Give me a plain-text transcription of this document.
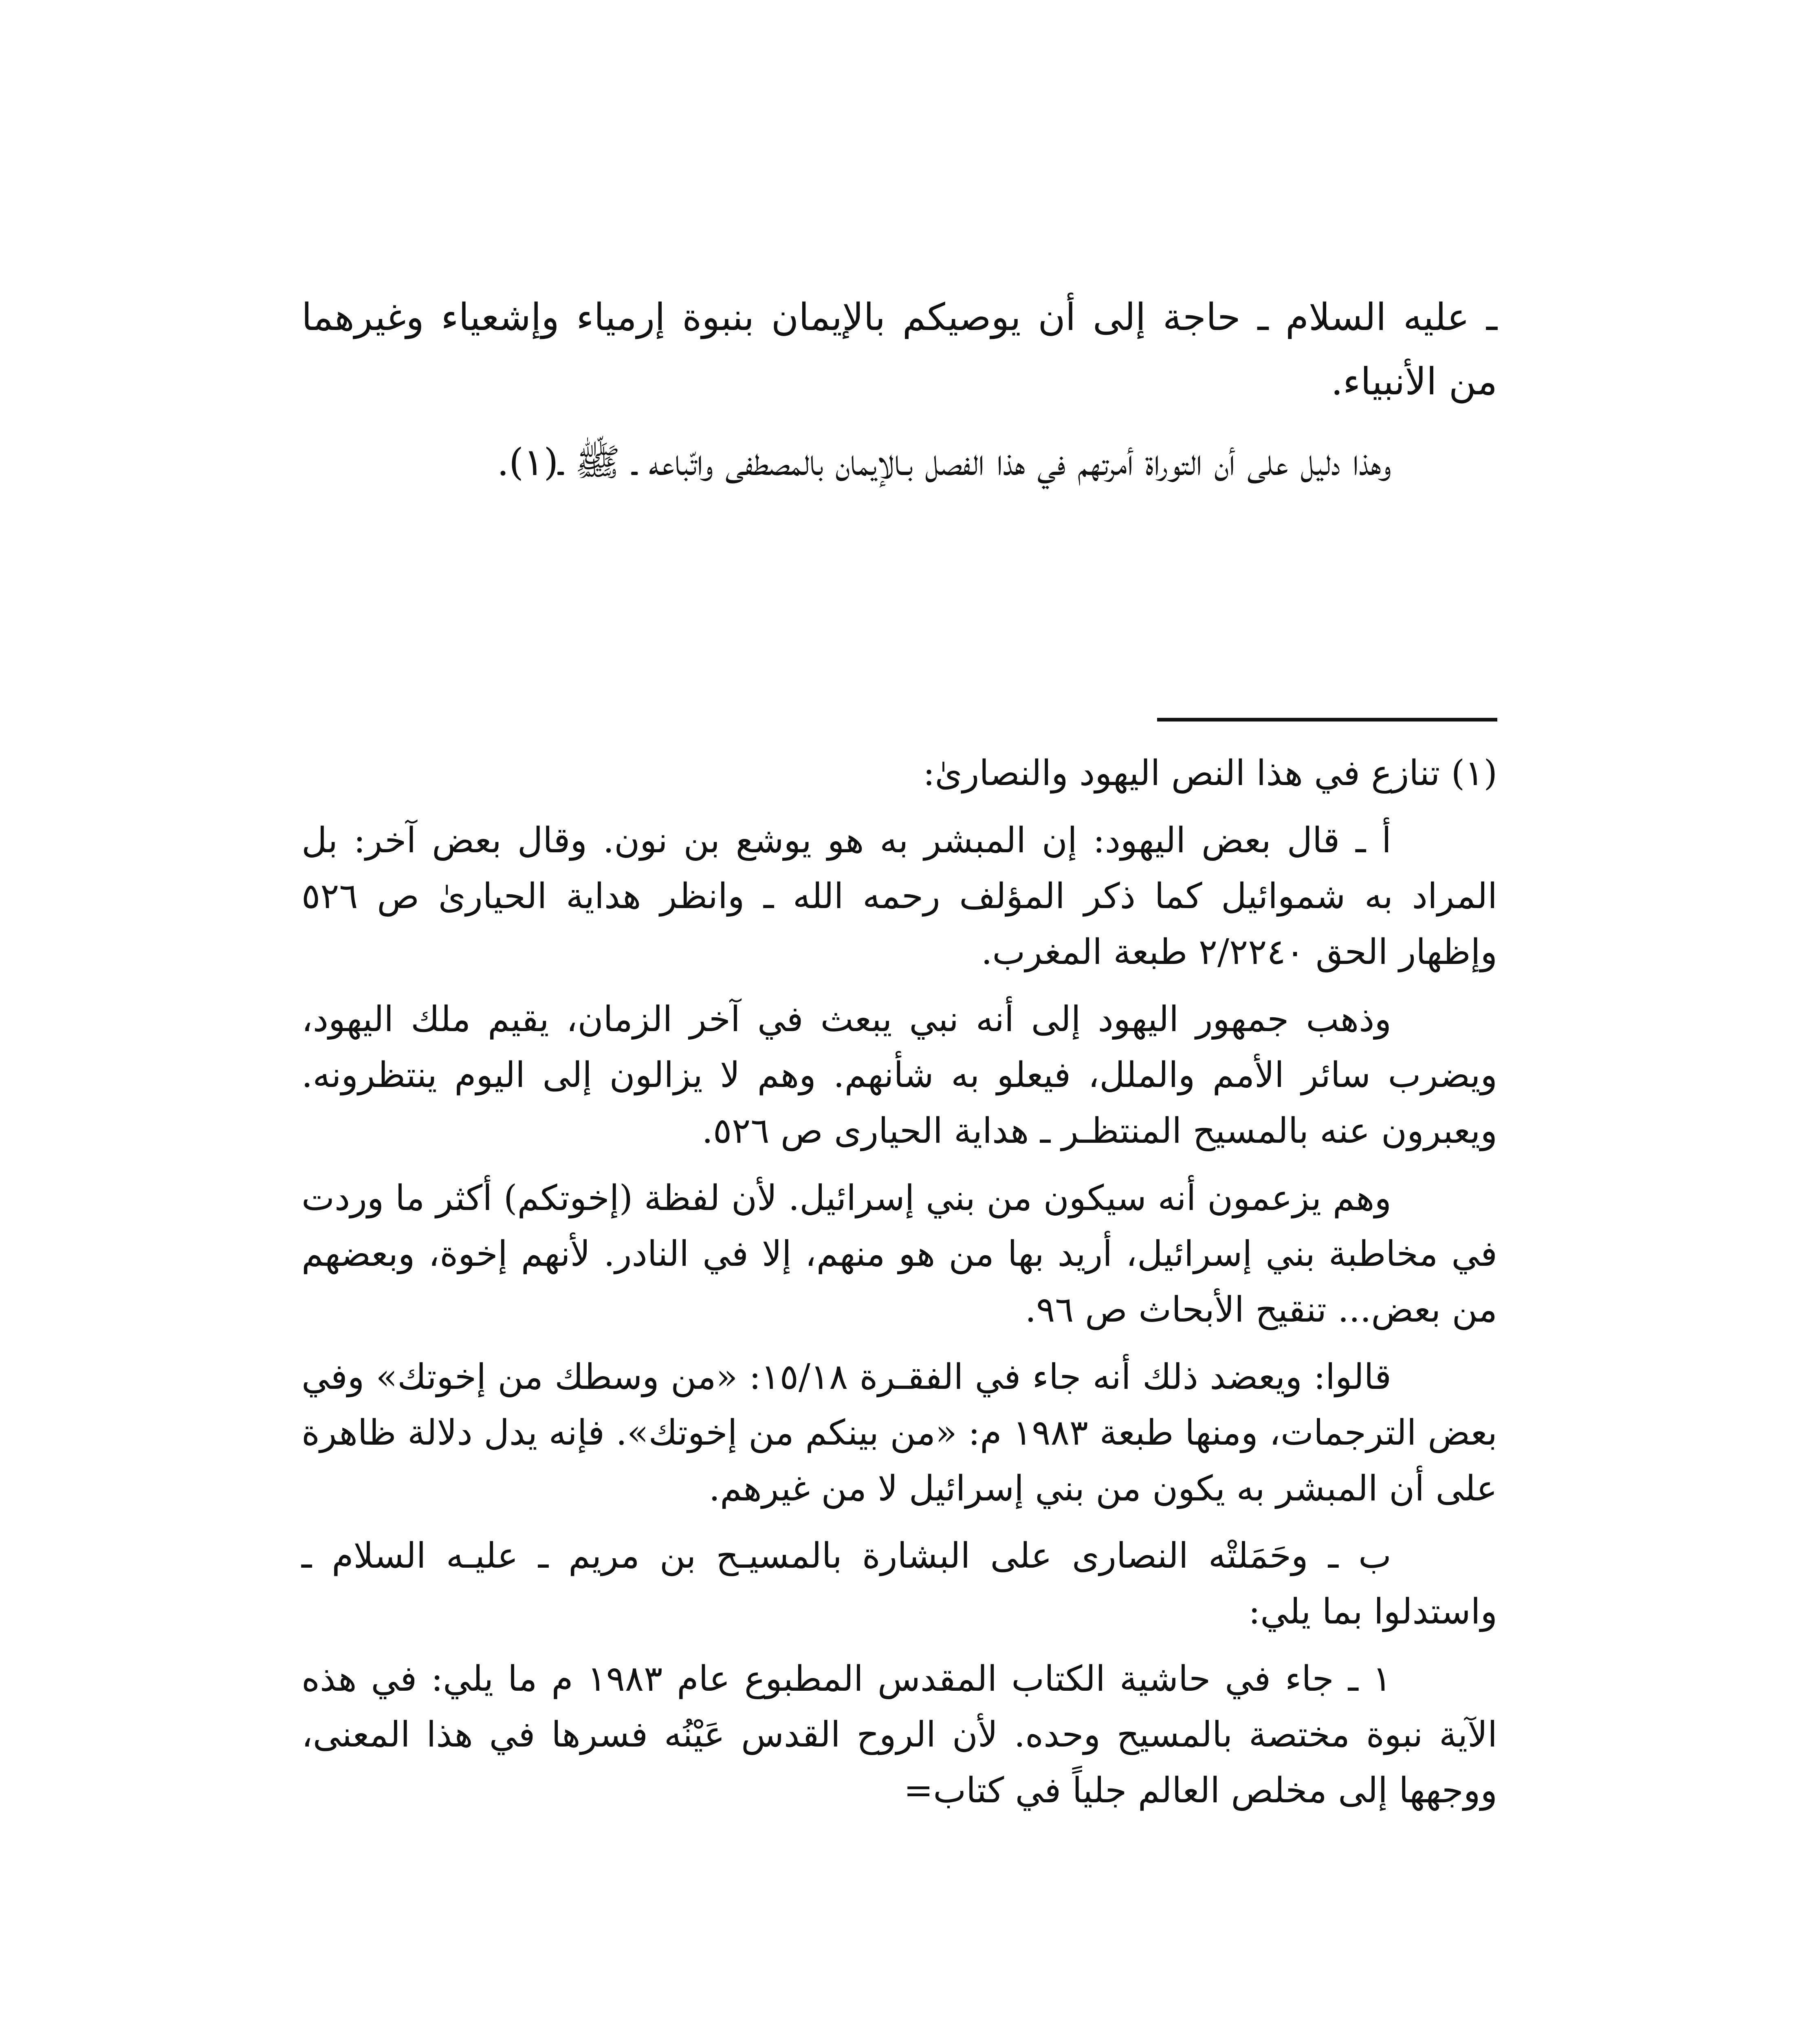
ـ عليه السلام ـ حاجة إلى أن يوصيكم بالإيمان بنبوة إرمياء وإشعياء وغيرهما من الأنبياء.

وهذا دليل على أن التوراة أمرتهم في هذا الفصل بـالإيمان بالمصطفى واتّباعه ـ ﷺ ـ(١).

(١) تنازع في هذا النص اليهود والنصارىٰ:

أ ـ قال بعض اليهود: إن المبشر به هو يوشع بن نون. وقال بعض آخر: بل المراد به شموائيل كما ذكر المؤلف رحمه الله ـ وانظر هداية الحيارىٰ ص ٥٢٦ وإظهار الحق ٢/٢٢٤٠ طبعة المغرب.

وذهب جمهور اليهود إلى أنه نبي يبعث في آخر الزمان، يقيم ملك اليهود، ويضرب سائر الأمم والملل، فيعلو به شأنهم. وهم لا يزالون إلى اليوم ينتظرونه. ويعبرون عنه بالمسيح المنتظـر ـ هداية الحيارى ص ٥٢٦.

وهم يزعمون أنه سيكون من بني إسرائيل. لأن لفظة (إخوتكم) أكثر ما وردت في مخاطبة بني إسرائيل، أريد بها من هو منهم، إلا في النادر. لأنهم إخوة، وبعضهم من بعض... تنقيح الأبحاث ص ٩٦.

قالوا: ويعضد ذلك أنه جاء في الفقـرة ١٥/١٨: «من وسطك من إخوتك» وفي بعض الترجمات، ومنها طبعة ١٩٨٣ م: «من بينكم من إخوتك». فإنه يدل دلالة ظاهرة على أن المبشر به يكون من بني إسرائيل لا من غيرهم.

ب ـ وحَمَلتْه النصارى على البشارة بالمسيـح بن مريم ـ عليـه السلام ـ واستدلوا بما يلي:

١ ـ جاء في حاشية الكتاب المقدس المطبوع عام ١٩٨٣ م ما يلي: في هذه الآية نبوة مختصة بالمسيح وحده. لأن الروح القدس عَيْنُه فسرها في هذا المعنى، ووجهها إلى مخلص العالم جلياً في كتاب=
